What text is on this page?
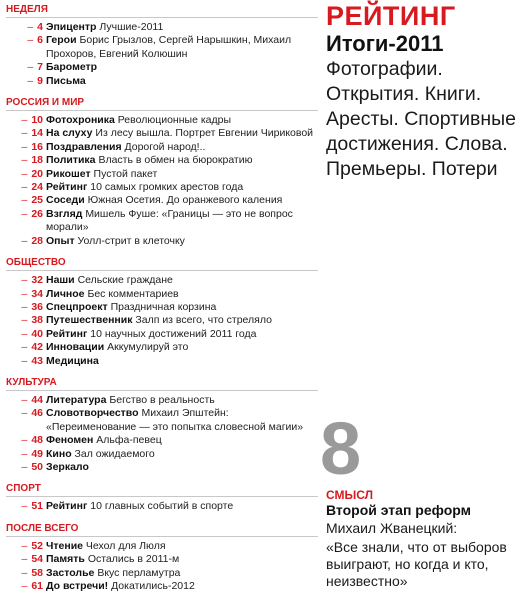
НЕДЕЛЯ
– 4 Эпицентр Лучшие-2011
– 6 Герои Борис Грызлов, Сергей Нарышкин, Михаил Прохоров, Евгений Колюшин
– 7 Барометр
– 9 Письма
РОССИЯ И МИР
– 10 Фотохроника Революционные кадры
– 14 На слуху Из лесу вышла. Портрет Евгении Чириковой
– 16 Поздравления Дорогой народ!..
– 18 Политика Власть в обмен на бюрократию
– 20 Рикошет Пустой пакет
– 24 Рейтинг 10 самых громких арестов года
– 25 Соседи Южная Осетия. До оранжевого каления
– 26 Взгляд Мишель Фуше: «Границы — это не вопрос морали»
– 28 Опыт Уолл-стрит в клеточку
ОБЩЕСТВО
– 32 Наши Сельские граждане
– 34 Личное Бес комментариев
– 36 Спецпроект Праздничная корзина
– 38 Путешественник Залп из всего, что стреляло
– 40 Рейтинг 10 научных достижений 2011 года
– 42 Инновации Аккумулируй это
– 43 Медицина
КУЛЬТУРА
– 44 Литература Бегство в реальность
– 46 Словотворчество Михаил Эпштейн: «Переименование — это попытка словесной магии»
– 48 Феномен Альфа-певец
– 49 Кино Зал ожидаемого
– 50 Зеркало
СПОРТ
– 51 Рейтинг 10 главных событий в спорте
ПОСЛЕ ВСЕГО
– 52 Чтение Чехол для Люля
– 54 Память Остались в 2011-м
– 58 Застолье Вкус перламутра
– 61 До встречи! Докатились-2012
РЕЙТИНГ
Итоги-2011
Фотографии. Открытия. Книги. Аресты. Спортивные достижения. Слова. Премьеры. Потери
8
СМЫСЛ
Второй этап реформ
Михаил Жванецкий:
«Все знали, что от выборов выиграют, но когда и кто, неизвестно»
